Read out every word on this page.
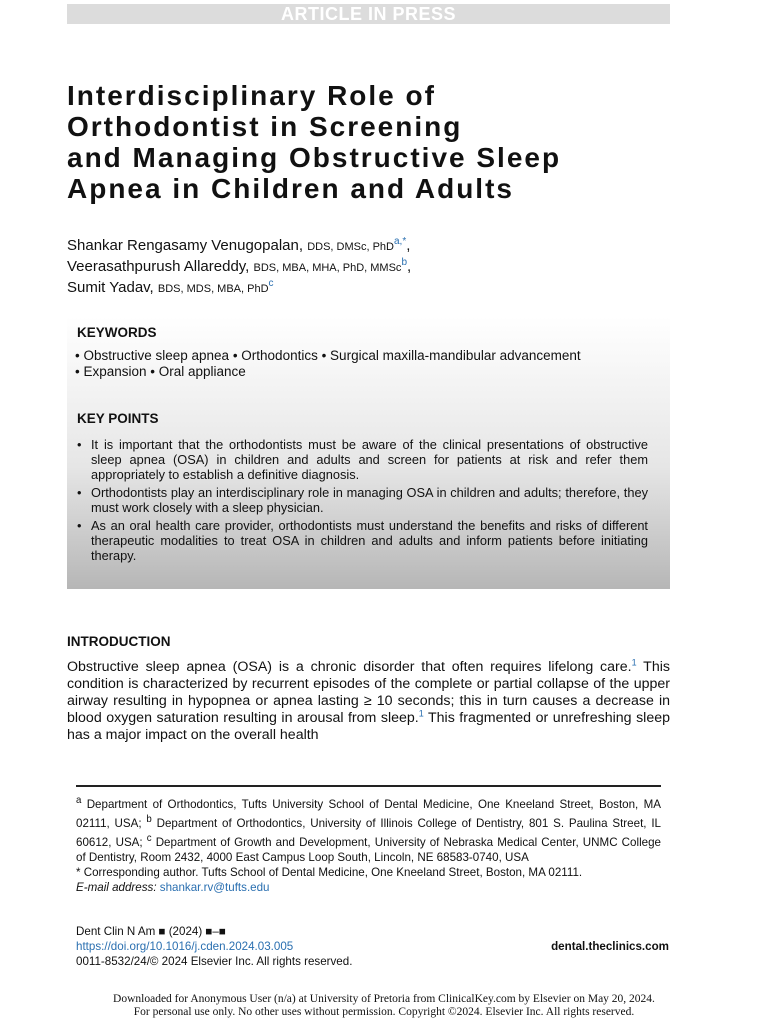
ARTICLE IN PRESS
Interdisciplinary Role of
Orthodontist in Screening
and Managing Obstructive Sleep
Apnea in Children and Adults
Shankar Rengasamy Venugopalan, DDS, DMSc, PhD$^{a,*}$,
Veerasathpurush Allareddy, BDS, MBA, MHA, PhD, MMSc$^b$,
Sumit Yadav, BDS, MDS, MBA, PhD$^c$
KEYWORDS
• Obstructive sleep apnea • Orthodontics • Surgical maxilla-mandibular advancement
• Expansion • Oral appliance
KEY POINTS
• It is important that the orthodontists must be aware of the clinical presentations of obstructive sleep apnea (OSA) in children and adults and screen for patients at risk and refer them appropriately to establish a definitive diagnosis.
• Orthodontists play an interdisciplinary role in managing OSA in children and adults; therefore, they must work closely with a sleep physician.
• As an oral health care provider, orthodontists must understand the benefits and risks of different therapeutic modalities to treat OSA in children and adults and inform patients before initiating therapy.
INTRODUCTION
Obstructive sleep apnea (OSA) is a chronic disorder that often requires lifelong care.$^1$ This condition is characterized by recurrent episodes of the complete or partial collapse of the upper airway resulting in hypopnea or apnea lasting ≥ 10 seconds; this in turn causes a decrease in blood oxygen saturation resulting in arousal from sleep.$^1$ This fragmented or unrefreshing sleep has a major impact on the overall health

$^a$ Department of Orthodontics, Tufts University School of Dental Medicine, One Kneeland Street, Boston, MA 02111, USA; $^b$ Department of Orthodontics, University of Illinois College of Dentistry, 801 S. Paulina Street, IL 60612, USA; $^c$ Department of Growth and Development, University of Nebraska Medical Center, UNMC College of Dentistry, Room 2432, 4000 East Campus Loop South, Lincoln, NE 68583-0740, USA

* Corresponding author. Tufts School of Dental Medicine, One Kneeland Street, Boston, MA 02111.

E-mail address: shankar.rv@tufts.edu

Dent Clin N Am ■ (2024) ■–■
https://doi.org/10.1016/j.cden.2024.03.005
0011-8532/24/© 2024 Elsevier Inc. All rights reserved.
dental.theclinics.com
Downloaded for Anonymous User (n/a) at University of Pretoria from ClinicalKey.com by Elsevier on May 20, 2024.
For personal use only. No other uses without permission. Copyright ©2024. Elsevier Inc. All rights reserved.
